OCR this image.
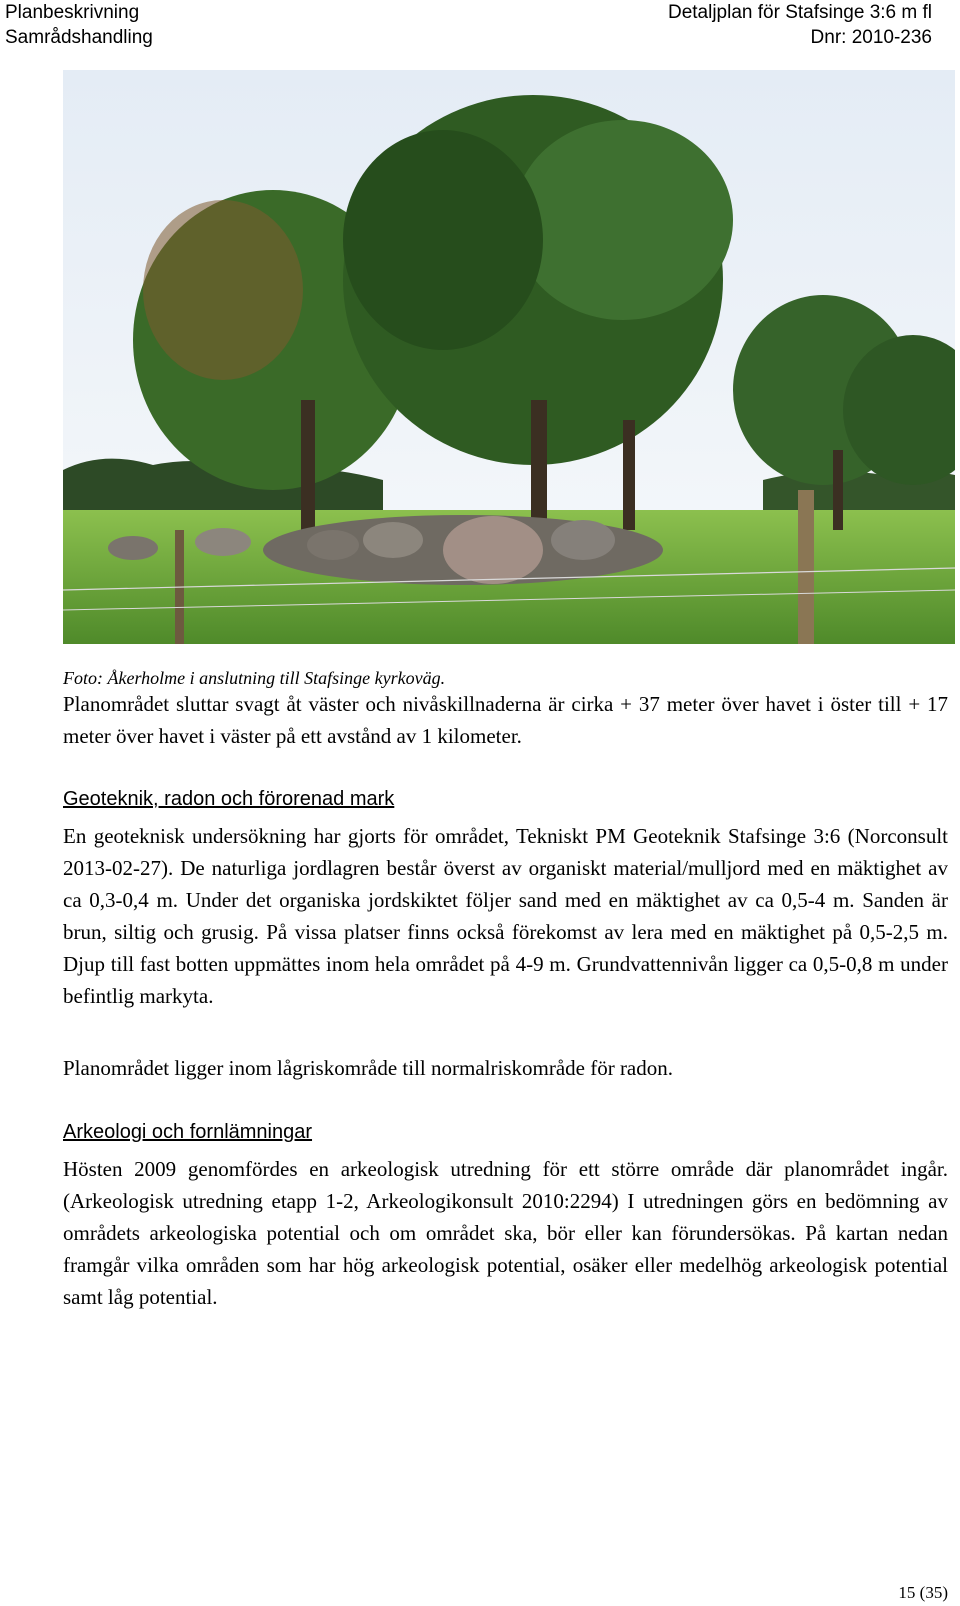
Planbeskrivning
Samrådshandling
Detaljplan för Stafsinge 3:6 m fl
Dnr: 2010-236
Foto: Åkerholme i anslutning till Stafsinge kyrkoväg.

Planområdet sluttar svagt åt väster och nivåskillnaderna är cirka + 37 meter över havet i öster till + 17 meter över havet i väster på ett avstånd av 1 kilometer.

Geoteknik, radon och förorenad mark

En geoteknisk undersökning har gjorts för området, Tekniskt PM Geoteknik Stafsinge 3:6 (Norconsult 2013-02-27). De naturliga jordlagren består överst av organiskt material/mulljord med en mäktighet av ca 0,3-0,4 m. Under det organiska jordskiktet följer sand med en mäktighet av ca 0,5-4 m. Sanden är brun, siltig och grusig. På vissa platser finns också förekomst av lera med en mäktighet på 0,5-2,5 m. Djup till fast botten uppmättes inom hela området på 4-9 m. Grundvattennivån ligger ca 0,5-0,8 m under befintlig markyta.

Planområdet ligger inom lågriskområde till normalriskområde för radon.

Arkeologi och fornlämningar

Hösten 2009 genomfördes en arkeologisk utredning för ett större område där planområdet ingår. (Arkeologisk utredning etapp 1-2, Arkeologikonsult 2010:2294) I utredningen görs en bedömning av områdets arkeologiska potential och om området ska, bör eller kan förundersökas. På kartan nedan framgår vilka områden som har hög arkeologisk potential, osäker eller medelhög arkeologisk potential samt låg potential.

15 (35)
